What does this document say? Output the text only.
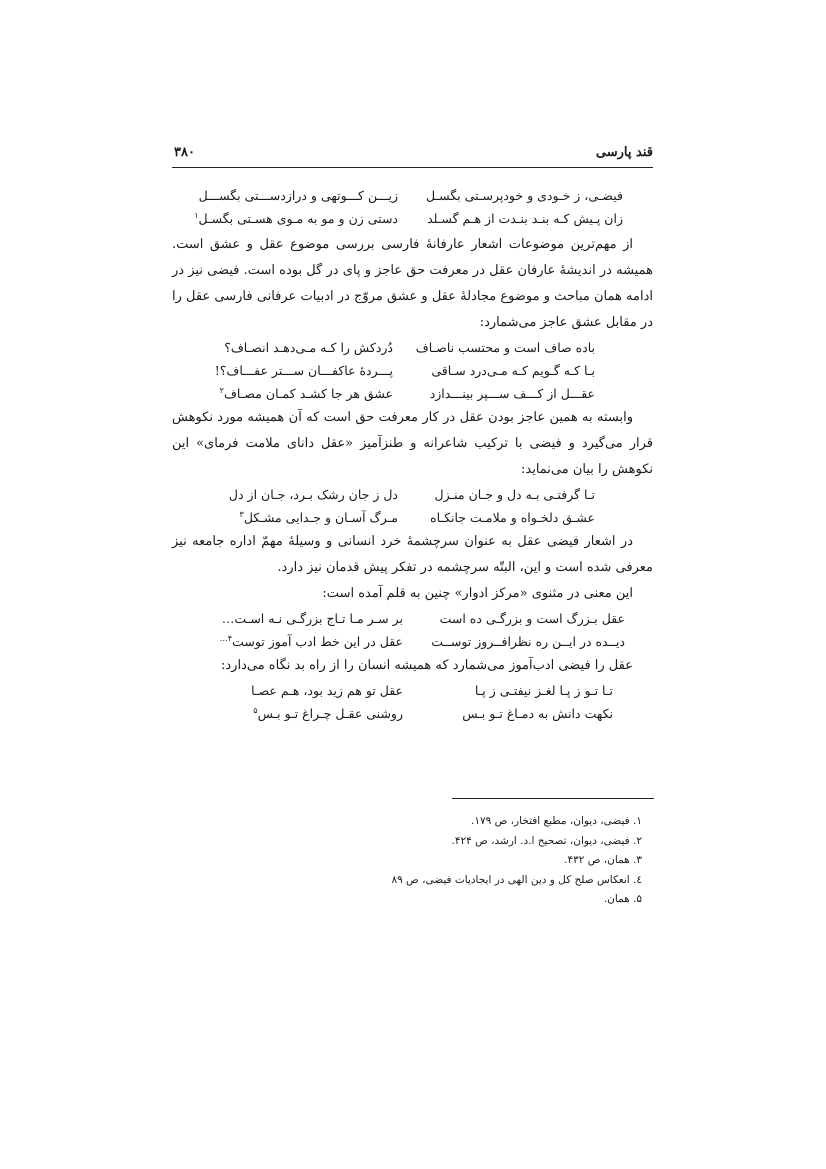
قند پارسی
۳۸۰
فیضـی، ز خـودی و خودپرسـتی بگسـل
زیـــن کـــوتهی و درازدســـتی بگســـل
زان پـیش کـه بنـد بنـدت از هـم گسـلد
دستی زن و مو به مـوی هسـتی بگسـل$^۱$

از مهم‌ترین موضوعات اشعار عارفانهٔ فارسی بررسی موضوع عقل و عشق است. همیشه در اندیشهٔ عارفان عقل در معرفت حق عاجز و پای در گل بوده است. فیضی نیز در ادامه همان مباحث و موضوع مجادلهٔ عقل و عشق مروّج در ادبیات عرفانی فارسی عقل را در مقابل عشق عاجز می‌شمارد:

باده صاف است و محتسب ناصـاف
دُردکش را کـه مـی‌دهـد انصـاف؟
بـا کـه گـویم کـه مـی‌درد سـاقی
پـــردهٔ عاکفـــان ســـتر عفـــاف؟!
عقـــل از کـــف ســـپر بینـــدازد
عشق هر جا کشـد کمـان مصـاف$^۲$

وابسته به همین عاجز بودن عقل در کار معرفت حق است که آن همیشه مورد نکوهش قرار می‌گیرد و فیضی با ترکیب شاعرانه و طنزآمیز «عقل دانای ملامت فرمای» این نکوهش را بیان می‌نماید:

تـا گرفتـی بـه دل و جـان منـزل
دل ز جان رشک بـرد، جـان از دل
عشـق دلخـواه و ملامـت جانکـاه
مـرگ آسـان و جـدایی مشـکل$^۳$

در اشعار فیضی عقل به عنوان سرچشمهٔ خرد انسانی و وسیلهٔ مهمّ اداره جامعه نیز معرفی شده است و این، البتّه سرچشمه در تفکر پیش قدمان نیز دارد.

این معنی در مثنوی «مرکز ادوار» چنین به قلم آمده است:

عقل بـزرگ است و بزرگـی ده است
بر سـر مـا تـاج بزرگـی نـه اسـت…
دیــده در ایــن ره نظرافــروز توســت
عقل در این خط ادب آموز توست$^{۴\dots}$

عقل را فیضی ادب‌آموز می‌شمارد که همیشه انسان را از راه بد نگاه می‌دارد:

تـا تـو ز پـا لغـز نیفتـی ز پـا
عقل تو هم زید بود، هـم عصـا
نکهت دانش به دمـاغ تـو بـس
روشنی عقـل چـراغ تـو بـس$^۵$
۱. فیضی، دیوان، مطبع افتخار، ص ۱۷۹.
۲. فیضی، دیوان، تصحیح ا.د. ارشد، ص ۴۲۴.
۳. همان، ص ۴۳۲.
٤. انعکاس صلح کل و دین الهی در ایجادیات فیضی، ص ۸۹
۵. همان.
